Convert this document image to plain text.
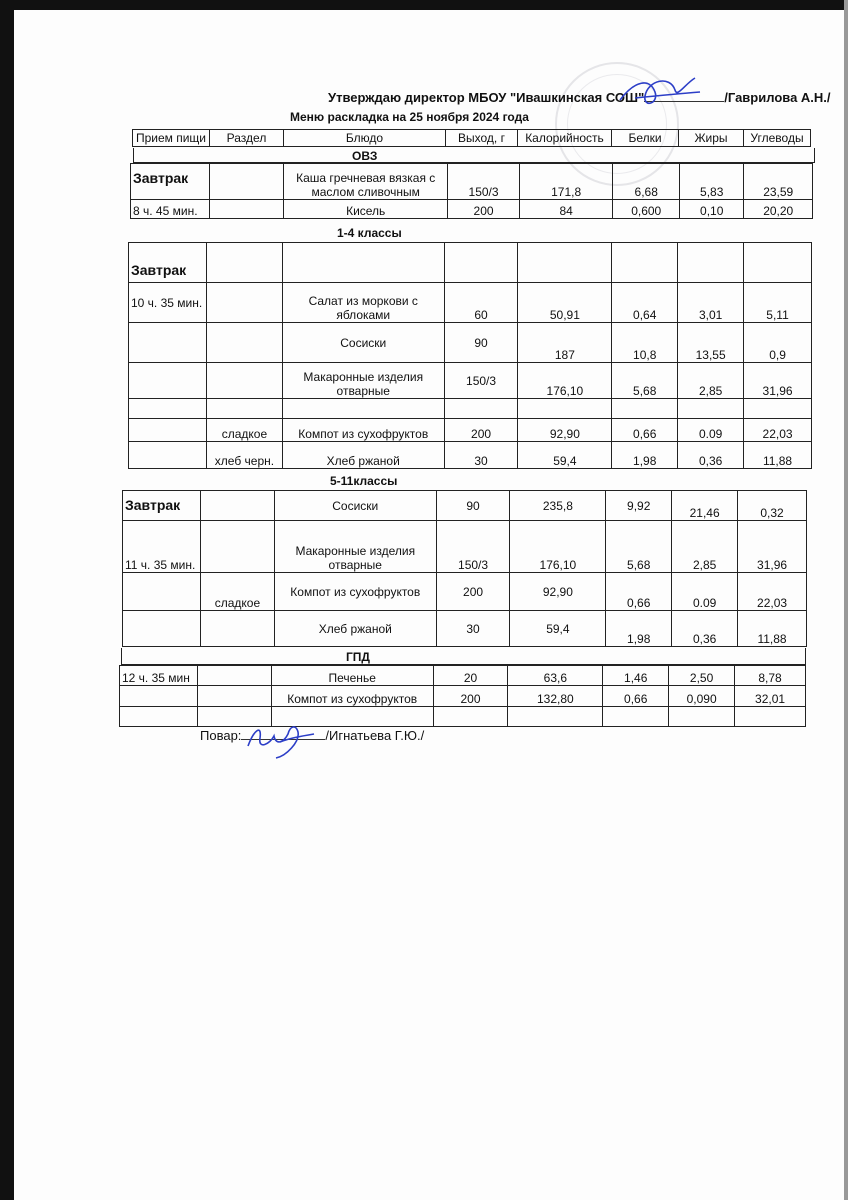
Утверждаю директор МБОУ "Ивашкинская СОШ"	/Гаврилова А.Н./
Меню раскладка на 25 ноября 2024 года
Прием пищи	Раздел	Блюдо	Выход, г	Калорийность	Белки	Жиры	Углеводы
ОВЗ
Завтрак		Каша гречневая вязкая с маслом сливочным	150/3	171,8	6,68	5,83	23,59
8 ч. 45 мин.		Кисель	200	84	0,600	0,10	20,20
1-4 классы
Завтрак							
10 ч. 35 мин.		Салат из моркови с яблоками	60	50,91	0,64	3,01	5,11
		Сосиски	90	187	10,8	13,55	0,9
		Макаронные изделия отварные	150/3	176,10	5,68	2,85	31,96

	сладкое	Компот из сухофруктов	200	92,90	0,66	0.09	22,03
	хлеб черн.	Хлеб ржаной	30	59,4	1,98	0,36	11,88
5-11классы
Завтрак		Сосиски	90	235,8	9,92	21,46	0,32
11 ч. 35 мин.		Макаронные изделия отварные	150/3	176,10	5,68	2,85	31,96
	сладкое	Компот из сухофруктов	200	92,90	0,66	0.09	22,03
		Хлеб ржаной	30	59,4	1,98	0,36	11,88
ГПД
12 ч. 35 мин		Печенье	20	63,6	1,46	2,50	8,78
		Компот из сухофруктов	200	132,80	0,66	0,090	32,01

Повар:	/Игнатьева Г.Ю./
